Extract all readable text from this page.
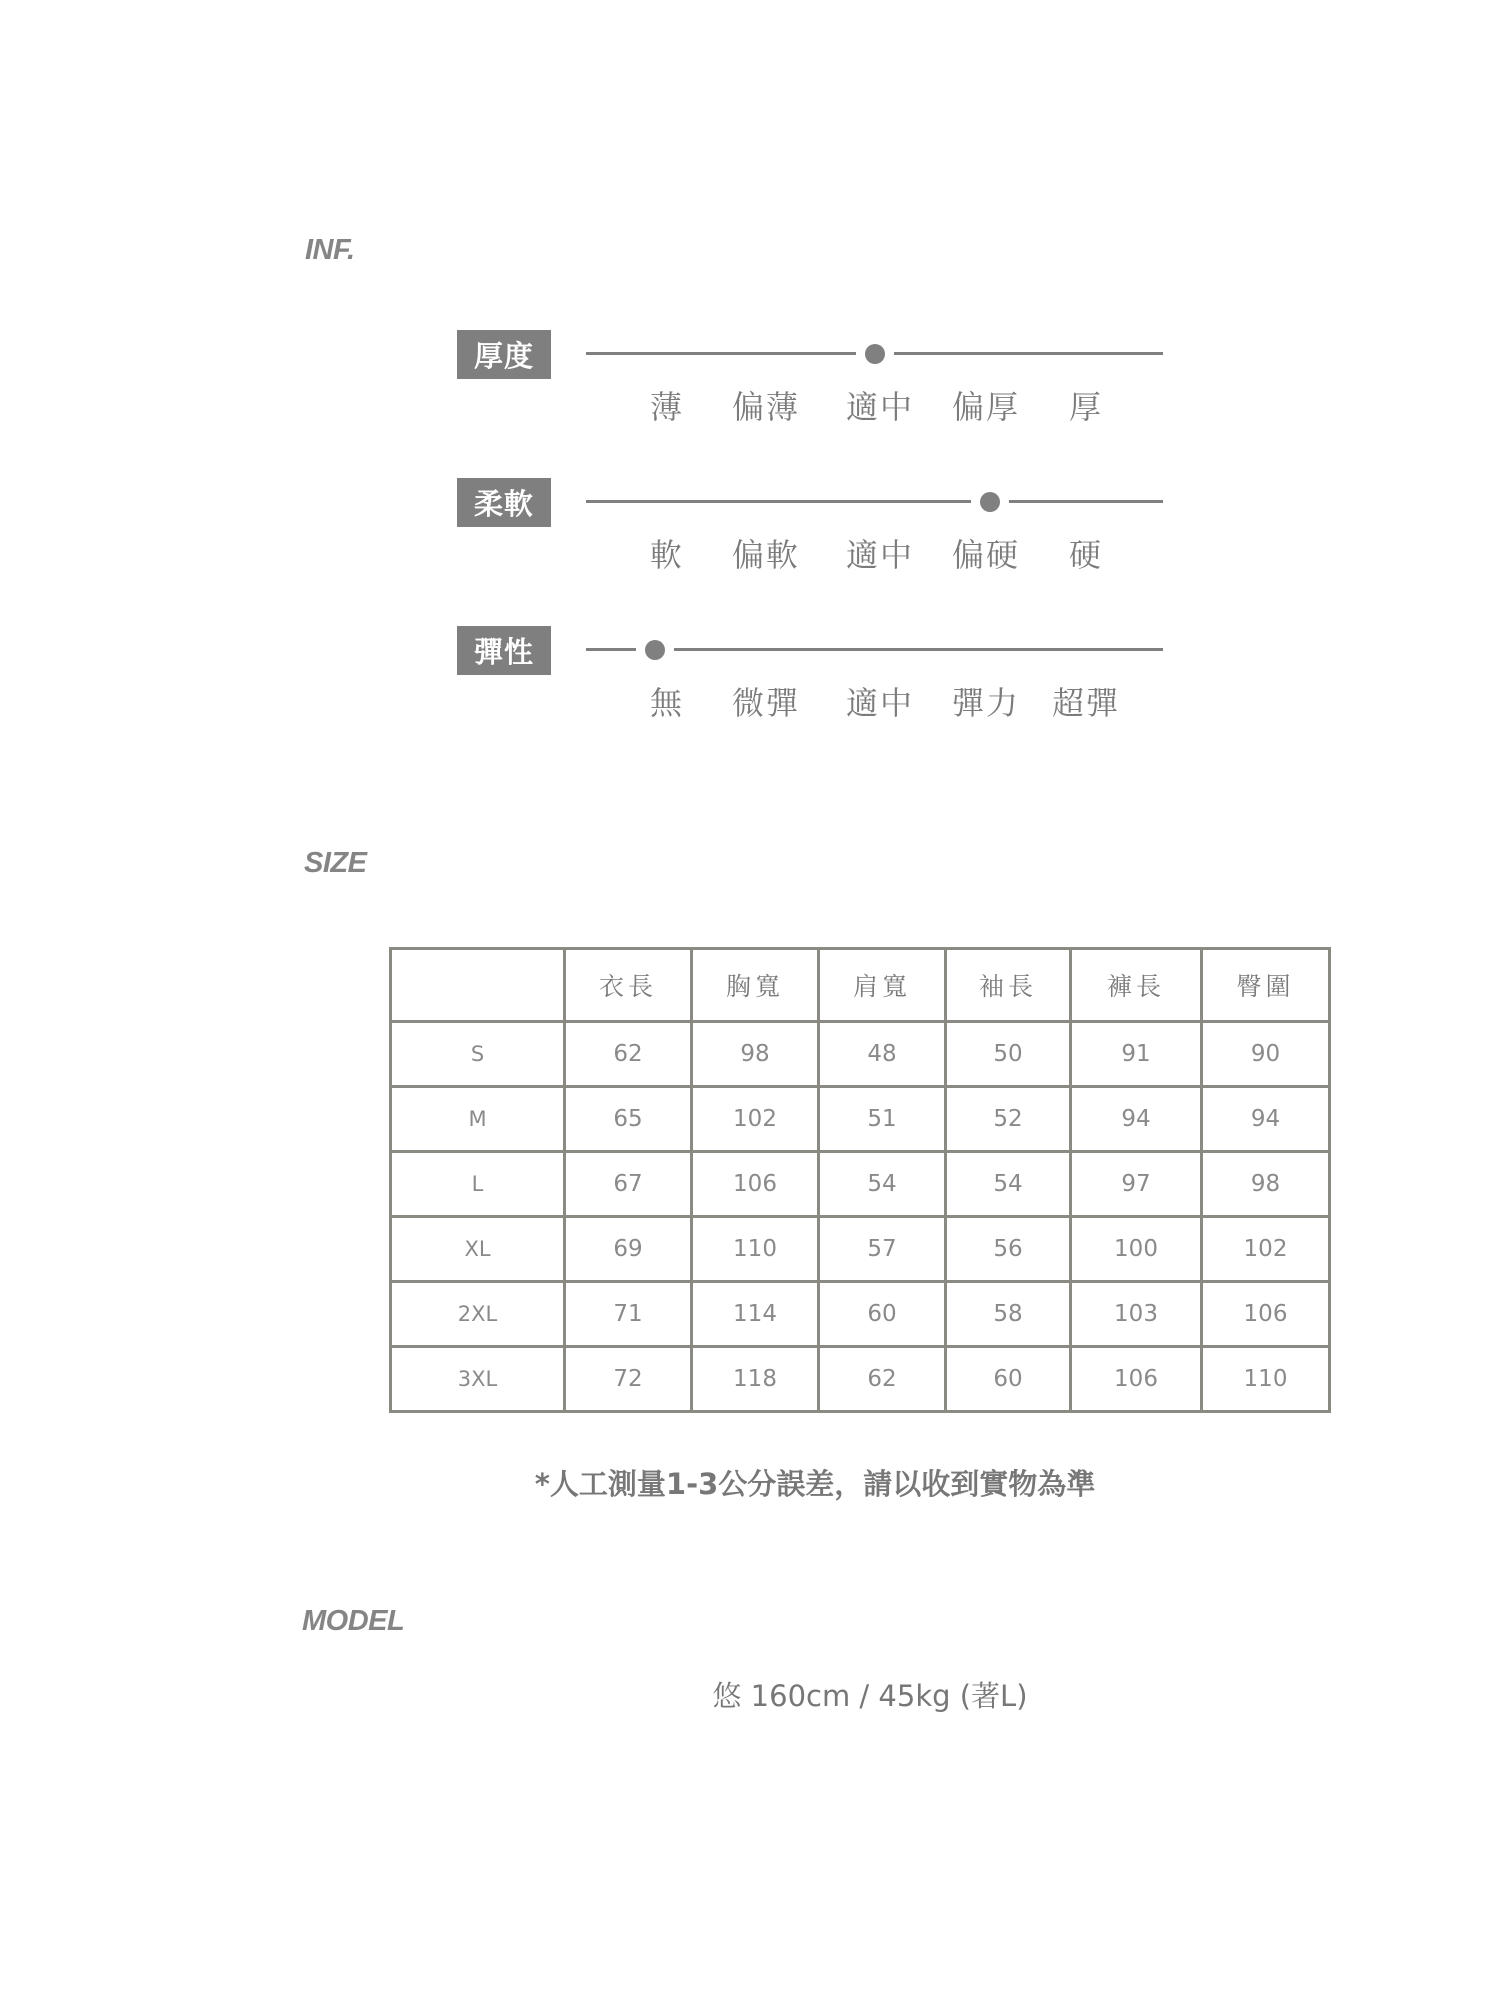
INF.
厚度
薄 偏薄 適中 偏厚 厚
柔軟
軟 偏軟 適中 偏硬 硬
彈性
無 微彈 適中 彈力 超彈
SIZE
	衣長	胸寬	肩寬	袖長	褲長	臀圍
S	62	98	48	50	91	90
M	65	102	51	52	94	94
L	67	106	54	54	97	98
XL	69	110	57	56	100	102
2XL	71	114	60	58	103	106
3XL	72	118	62	60	106	110
*人工測量1-3公分誤差，請以收到實物為準
MODEL
悠 160cm / 45kg (著L)
